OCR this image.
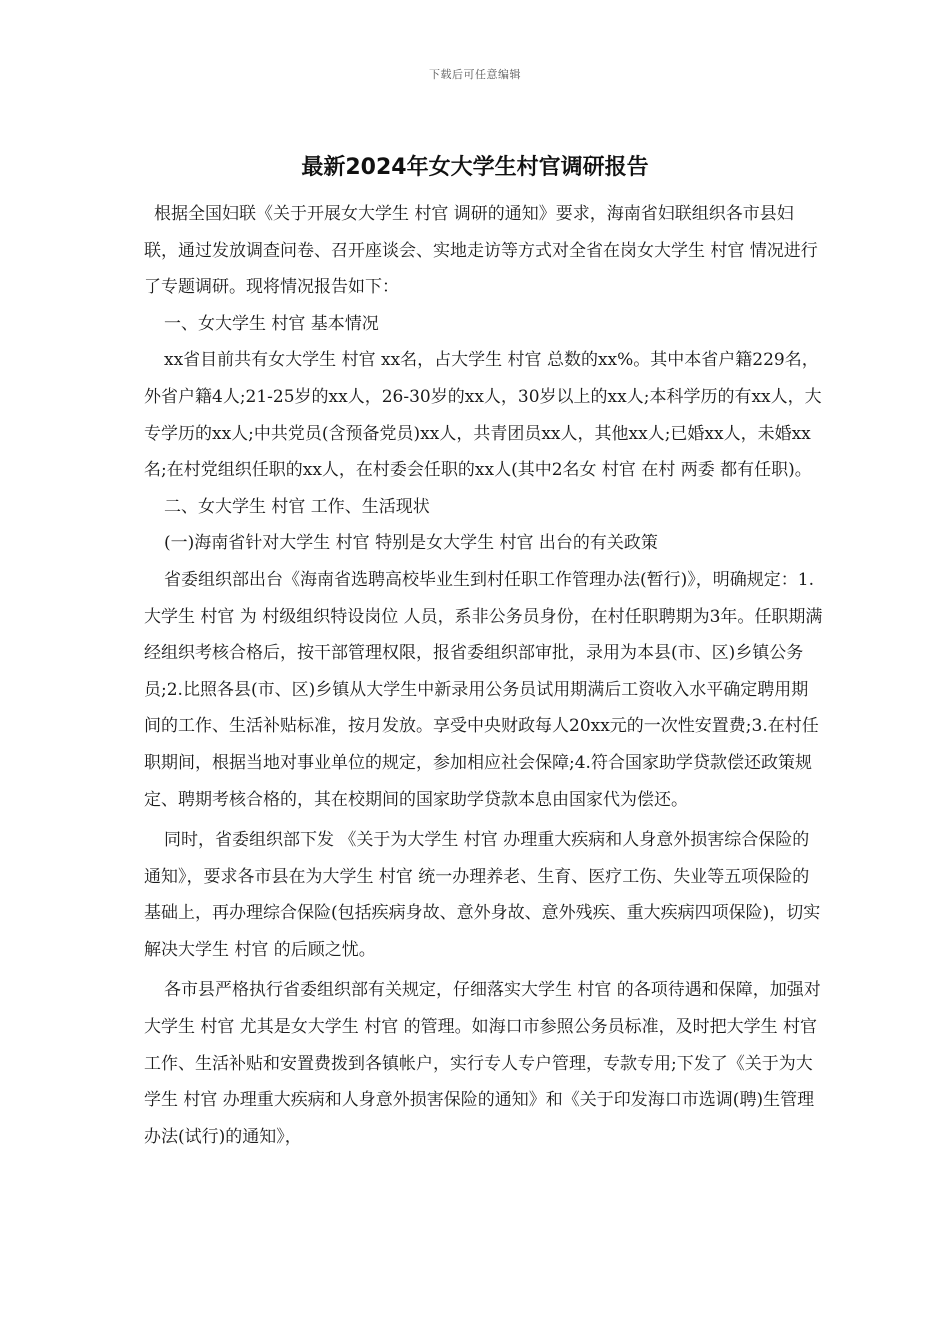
下载后可任意编辑
最新2024年女大学生村官调研报告

根据全国妇联《关于开展女大学生 村官 调研的通知》要求，海南省妇联组织各市县妇联，通过发放调查问卷、召开座谈会、实地走访等方式对全省在岗女大学生 村官 情况进行了专题调研。现将情况报告如下：

一、女大学生 村官 基本情况

xx省目前共有女大学生 村官 xx名，占大学生 村官 总数的xx%。其中本省户籍229名，外省户籍4人;21-25岁的xx人，26-30岁的xx人，30岁以上的xx人;本科学历的有xx人，大专学历的xx人;中共党员(含预备党员)xx人，共青团员xx人，其他xx人;已婚xx人，未婚xx名;在村党组织任职的xx人，在村委会任职的xx人(其中2名女 村官 在村 两委 都有任职)。

二、女大学生 村官 工作、生活现状

(一)海南省针对大学生 村官 特别是女大学生 村官 出台的有关政策

省委组织部出台《海南省选聘高校毕业生到村任职工作管理办法(暂行)》，明确规定：1.大学生 村官 为 村级组织特设岗位 人员，系非公务员身份，在村任职聘期为3年。任职期满经组织考核合格后，按干部管理权限，报省委组织部审批，录用为本县(市、区)乡镇公务员;2.比照各县(市、区)乡镇从大学生中新录用公务员试用期满后工资收入水平确定聘用期间的工作、生活补贴标准，按月发放。享受中央财政每人20xx元的一次性安置费;3.在村任职期间，根据当地对事业单位的规定，参加相应社会保障;4.符合国家助学贷款偿还政策规定、聘期考核合格的，其在校期间的国家助学贷款本息由国家代为偿还。

同时，省委组织部下发 《关于为大学生 村官 办理重大疾病和人身意外损害综合保险的通知》，要求各市县在为大学生 村官 统一办理养老、生育、医疗工伤、失业等五项保险的基础上，再办理综合保险(包括疾病身故、意外身故、意外残疾、重大疾病四项保险)，切实解决大学生 村官 的后顾之忧。

各市县严格执行省委组织部有关规定，仔细落实大学生 村官 的各项待遇和保障，加强对大学生 村官 尤其是女大学生 村官 的管理。如海口市参照公务员标准，及时把大学生 村官 工作、生活补贴和安置费拨到各镇帐户，实行专人专户管理，专款专用;下发了《关于为大学生 村官 办理重大疾病和人身意外损害保险的通知》和《关于印发海口市选调(聘)生管理办法(试行)的通知》，
